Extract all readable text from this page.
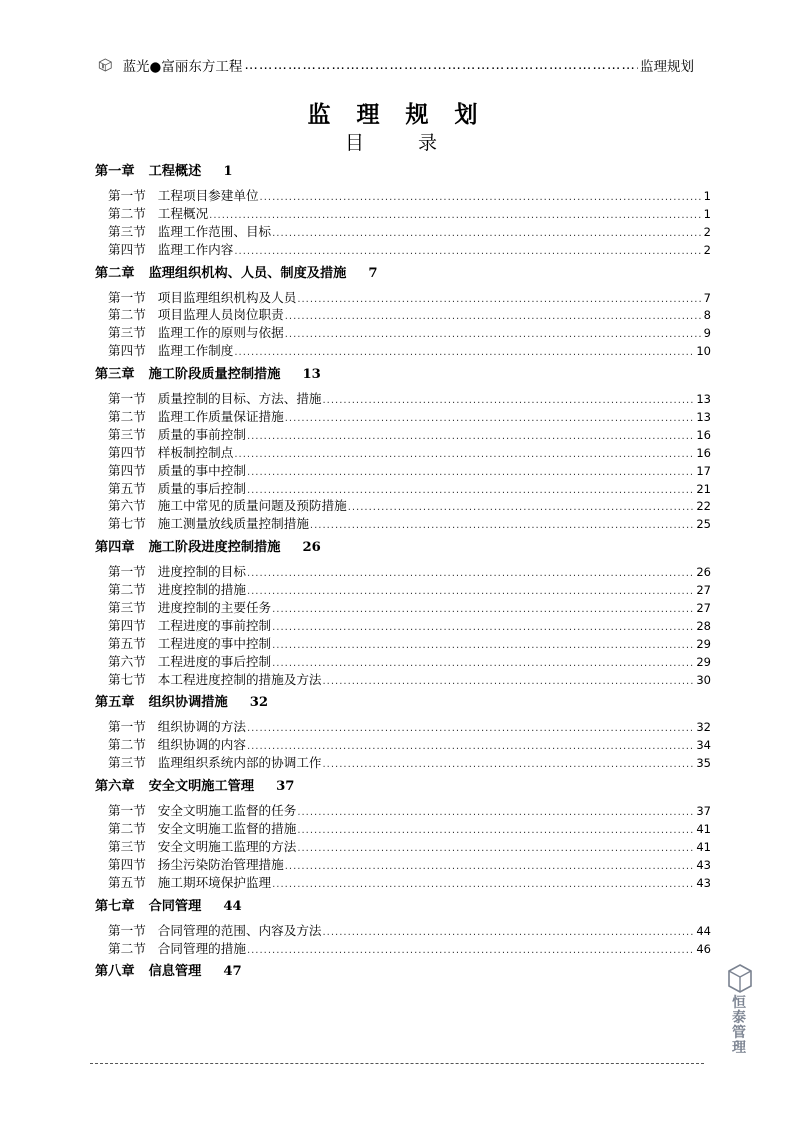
蓝光●富丽东方工程 ……………………………………………………………………………………………………………	监理规划
监 理 规 划
目 录
第一章 工程概述 1
第一节 工程项目参建单位 .....	1
第二节 工程概况 .....	1
第三节 监理工作范围、目标 .....	2
第四节 监理工作内容 .....	2
第二章 监理组织机构、人员、制度及措施 7
第一节 项目监理组织机构及人员 .....	7
第二节 项目监理人员岗位职责 .....	8
第三节 监理工作的原则与依据 .....	9
第四节 监理工作制度 .....	10
第三章 施工阶段质量控制措施 13
第一节 质量控制的目标、方法、措施 .....	13
第二节 监理工作质量保证措施 .....	13
第三节 质量的事前控制 .....	16
第四节 样板制控制点 .....	16
第四节 质量的事中控制 .....	17
第五节 质量的事后控制 .....	21
第六节 施工中常见的质量问题及预防措施 .....	22
第七节 施工测量放线质量控制措施 .....	25
第四章 施工阶段进度控制措施 26
第一节 进度控制的目标 .....	26
第二节 进度控制的措施 .....	27
第三节 进度控制的主要任务 .....	27
第四节 工程进度的事前控制 .....	28
第五节 工程进度的事中控制 .....	29
第六节 工程进度的事后控制 .....	29
第七节 本工程进度控制的措施及方法 .....	30
第五章 组织协调措施 32
第一节 组织协调的方法 .....	32
第二节 组织协调的内容 .....	34
第三节 监理组织系统内部的协调工作 .....	35
第六章 安全文明施工管理 37
第一节 安全文明施工监督的任务 .....	37
第二节 安全文明施工监督的措施 .....	41
第三节 安全文明施工监理的方法 .....	41
第四节 扬尘污染防治管理措施 .....	43
第五节 施工期环境保护监理 .....	43
第七章 合同管理 44
第一节 合同管理的范围、内容及方法 .....	44
第二节 合同管理的措施 .....	46
第八章 信息管理 47
恒泰管理
